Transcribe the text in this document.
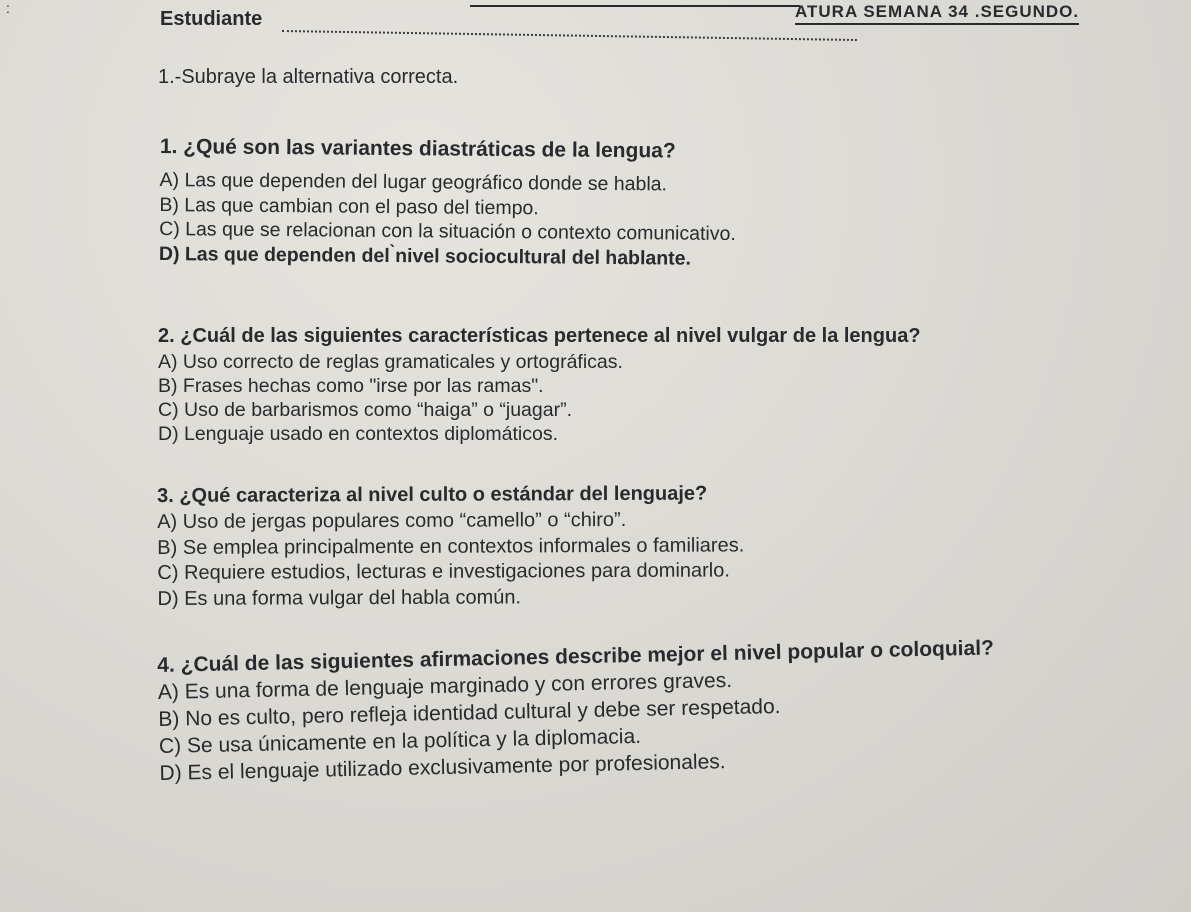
:	ATURA SEMANA 34 .SEGUNDO.
Estudiante
1.-Subraye la alternativa correcta.
1. ¿Qué son las variantes diastráticas de la lengua?
A) Las que dependen del lugar geográfico donde se habla.
B) Las que cambian con el paso del tiempo.
C) Las que se relacionan con la situación o contexto comunicativo.
D) Las que dependen del ̀nivel sociocultural del hablante.
2. ¿Cuál de las siguientes características pertenece al nivel vulgar de la lengua?
A) Uso correcto de reglas gramaticales y ortográficas.
B) Frases hechas como "irse por las ramas".
C) Uso de barbarismos como “haiga” o “juagar”.
D) Lenguaje usado en contextos diplomáticos.
3. ¿Qué caracteriza al nivel culto o estándar del lenguaje?
A) Uso de jergas populares como “camello” o “chiro”.
B) Se emplea principalmente en contextos informales o familiares.
C) Requiere estudios, lecturas e investigaciones para dominarlo.
D) Es una forma vulgar del habla común.
4. ¿Cuál de las siguientes afirmaciones describe mejor el nivel popular o coloquial?
A) Es una forma de lenguaje marginado y con errores graves.
B) No es culto, pero refleja identidad cultural y debe ser respetado.
C) Se usa únicamente en la política y la diplomacia.
D) Es el lenguaje utilizado exclusivamente por profesionales.
